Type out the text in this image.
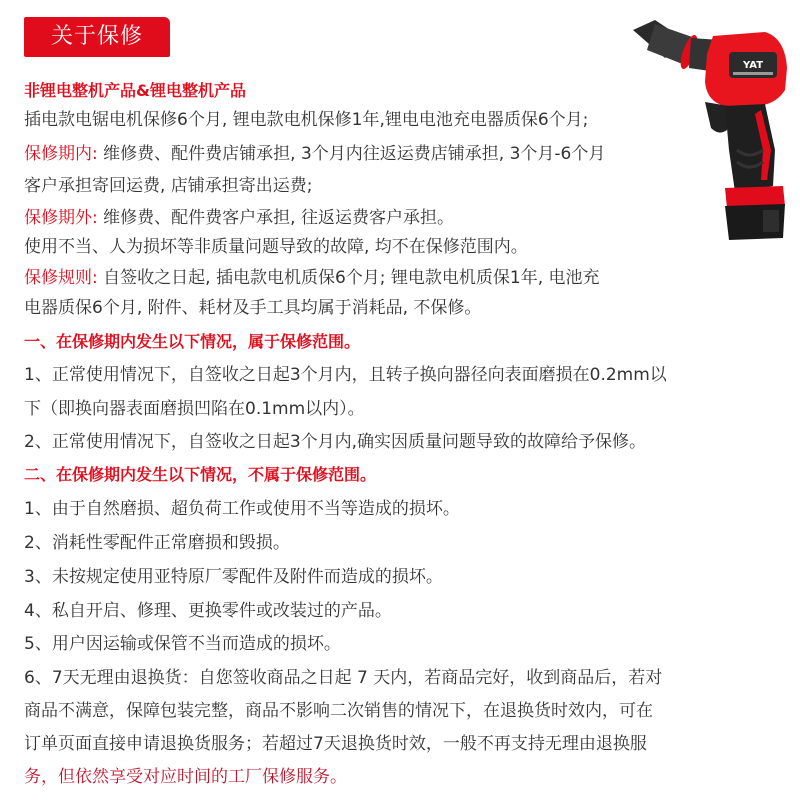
关于保修
YAT
非锂电整机产品&锂电整机产品
插电款电锯电机保修6个月, 锂电款电机保修1年,锂电电池充电器质保6个月;
保修期内: 维修费、配件费店铺承担, 3个月内往返运费店铺承担, 3个月-6个月
客户承担寄回运费, 店铺承担寄出运费;
保修期外: 维修费、配件费客户承担, 往返运费客户承担。
使用不当、人为损坏等非质量问题导致的故障, 均不在保修范围内。
保修规则: 自签收之日起, 插电款电机质保6个月; 锂电款电机质保1年, 电池充
电器质保6个月, 附件、耗材及手工具均属于消耗品, 不保修。
一、在保修期内发生以下情况，属于保修范围。
1、正常使用情况下，自签收之日起3个月内，且转子换向器径向表面磨损在0.2mm以
下（即换向器表面磨损凹陷在0.1mm以内）。
2、正常使用情况下，自签收之日起3个月内,确实因质量问题导致的故障给予保修。
二、在保修期内发生以下情况，不属于保修范围。
1、由于自然磨损、超负荷工作或使用不当等造成的损坏。
2、消耗性零配件正常磨损和毁损。
3、未按规定使用亚特原厂零配件及附件而造成的损坏。
4、私自开启、修理、更换零件或改装过的产品。
5、用户因运输或保管不当而造成的损坏。
6、7天无理由退换货：自您签收商品之日起 7 天内，若商品完好，收到商品后，若对
商品不满意，保障包装完整，商品不影响二次销售的情况下，在退换货时效内，可在
订单页面直接申请退换货服务；若超过7天退换货时效，一般不再支持无理由退换服
务，但依然享受对应时间的工厂保修服务。
